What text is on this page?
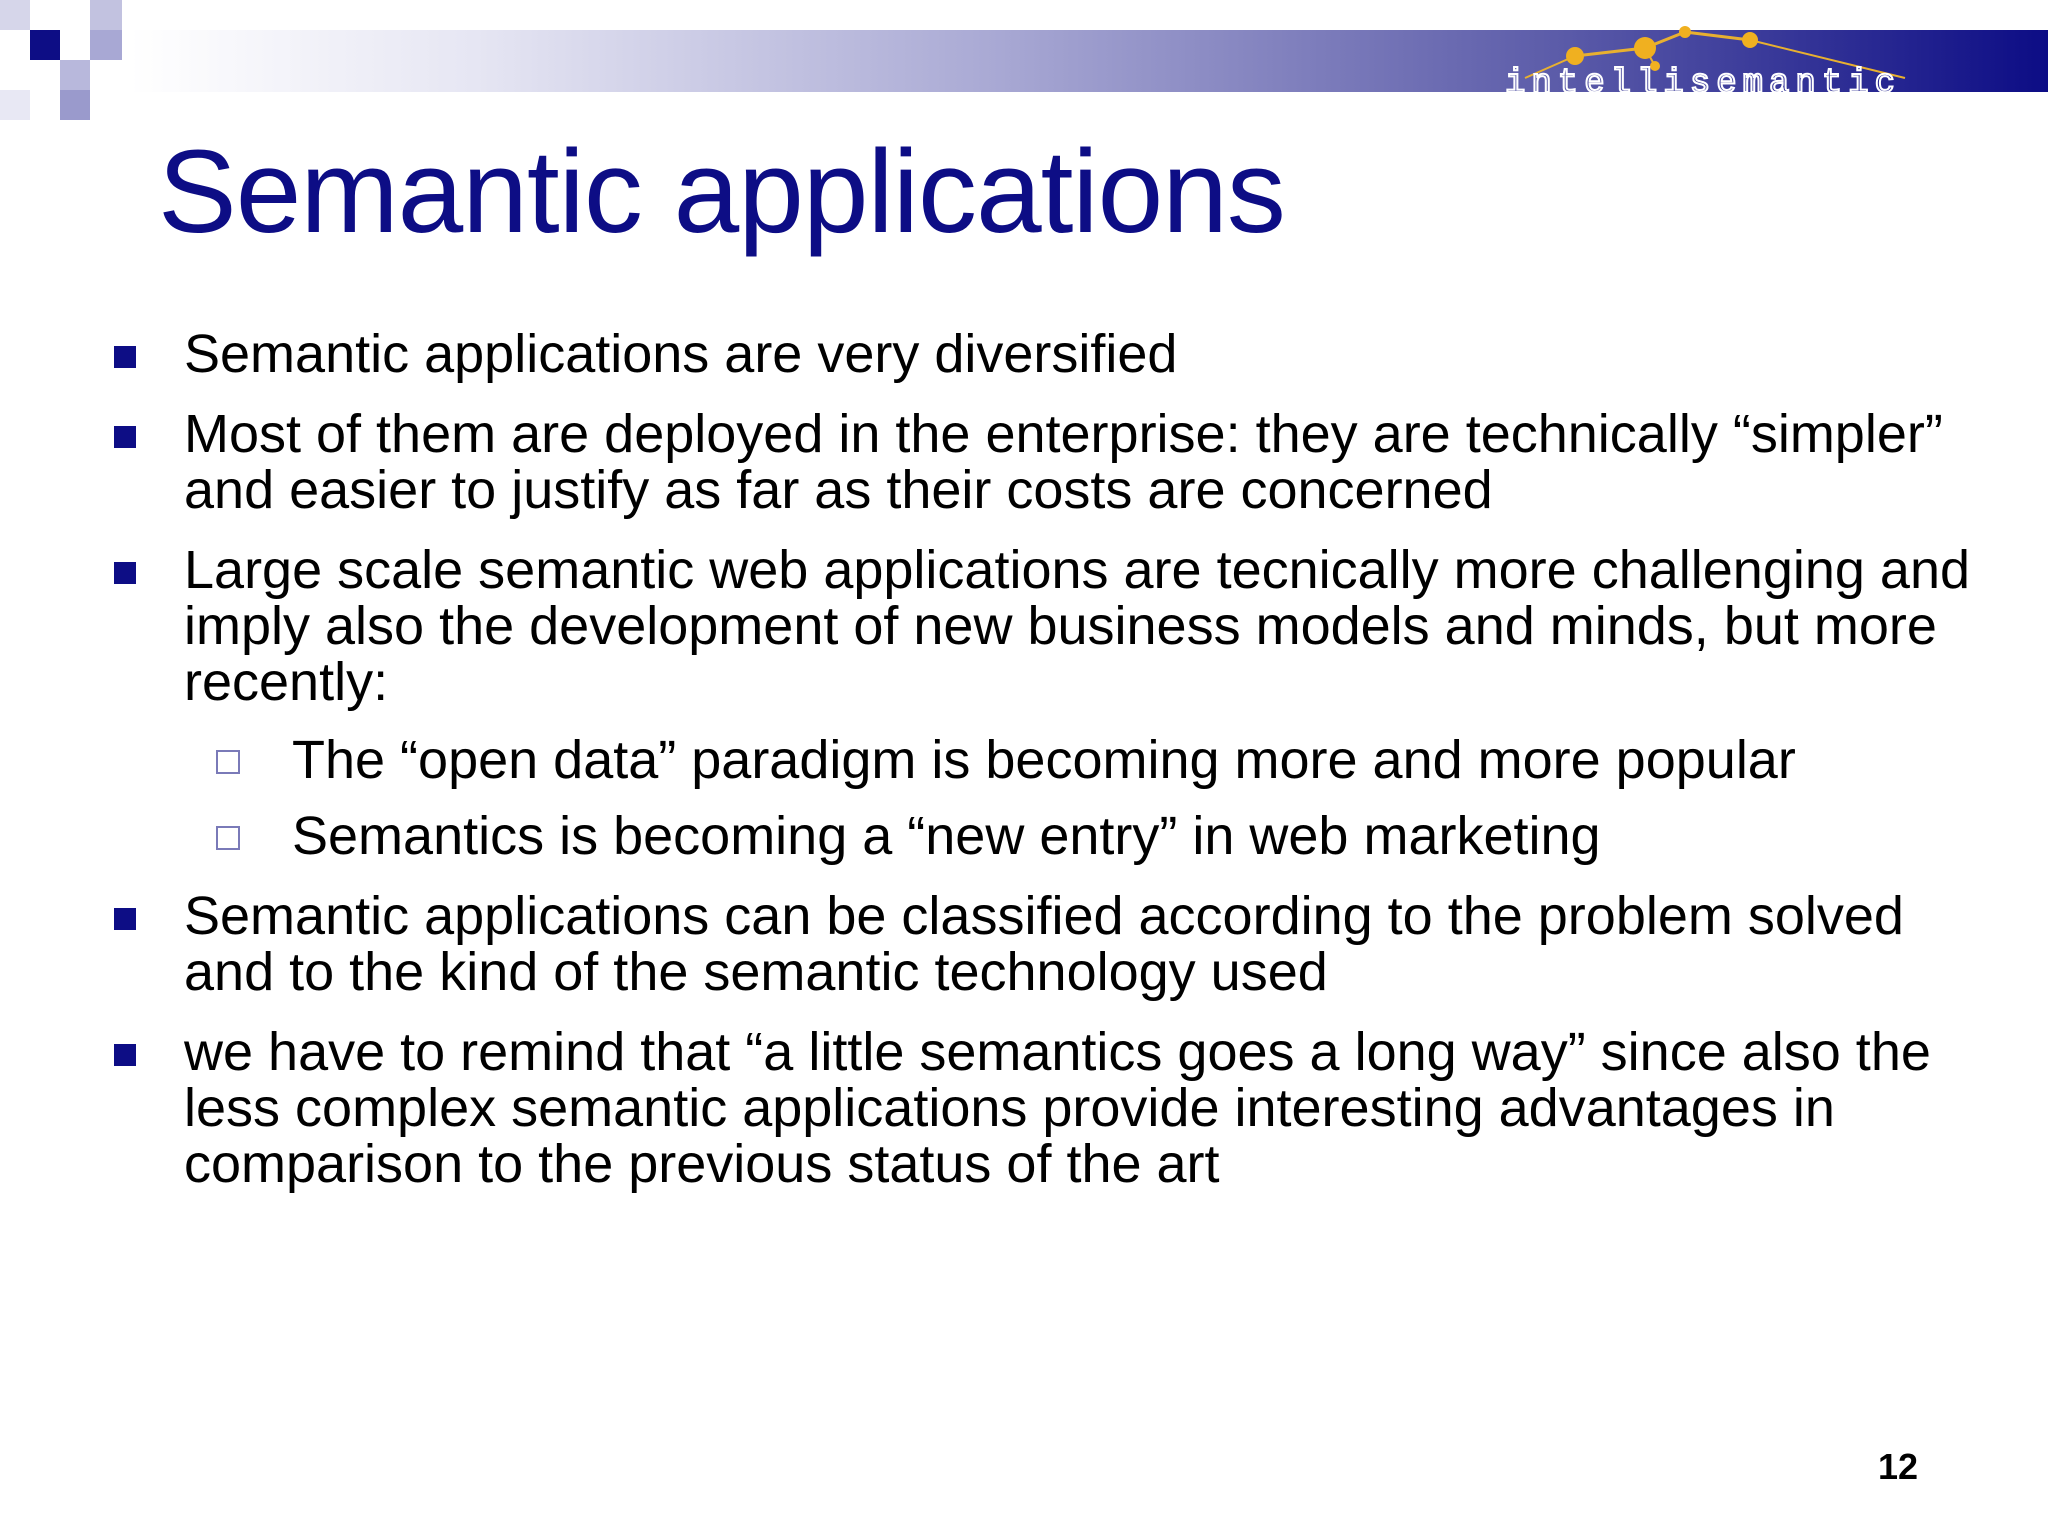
intellisemantic
Semantic applications
Semantic applications are very diversified
Most of them are deployed in the enterprise: they are technically “simpler” and easier to justify as far as their costs are concerned
Large scale semantic web applications are tecnically more challenging and imply also the development of new business models and minds, but more recently:
The “open data” paradigm is becoming more and more popular
Semantics is becoming a “new entry” in web marketing
Semantic applications can be classified according to the problem solved and to the kind of the semantic technology used
we have to remind that “a little semantics goes a long way” since also the less complex semantic applications provide interesting advantages in comparison to the previous status of the art
12
